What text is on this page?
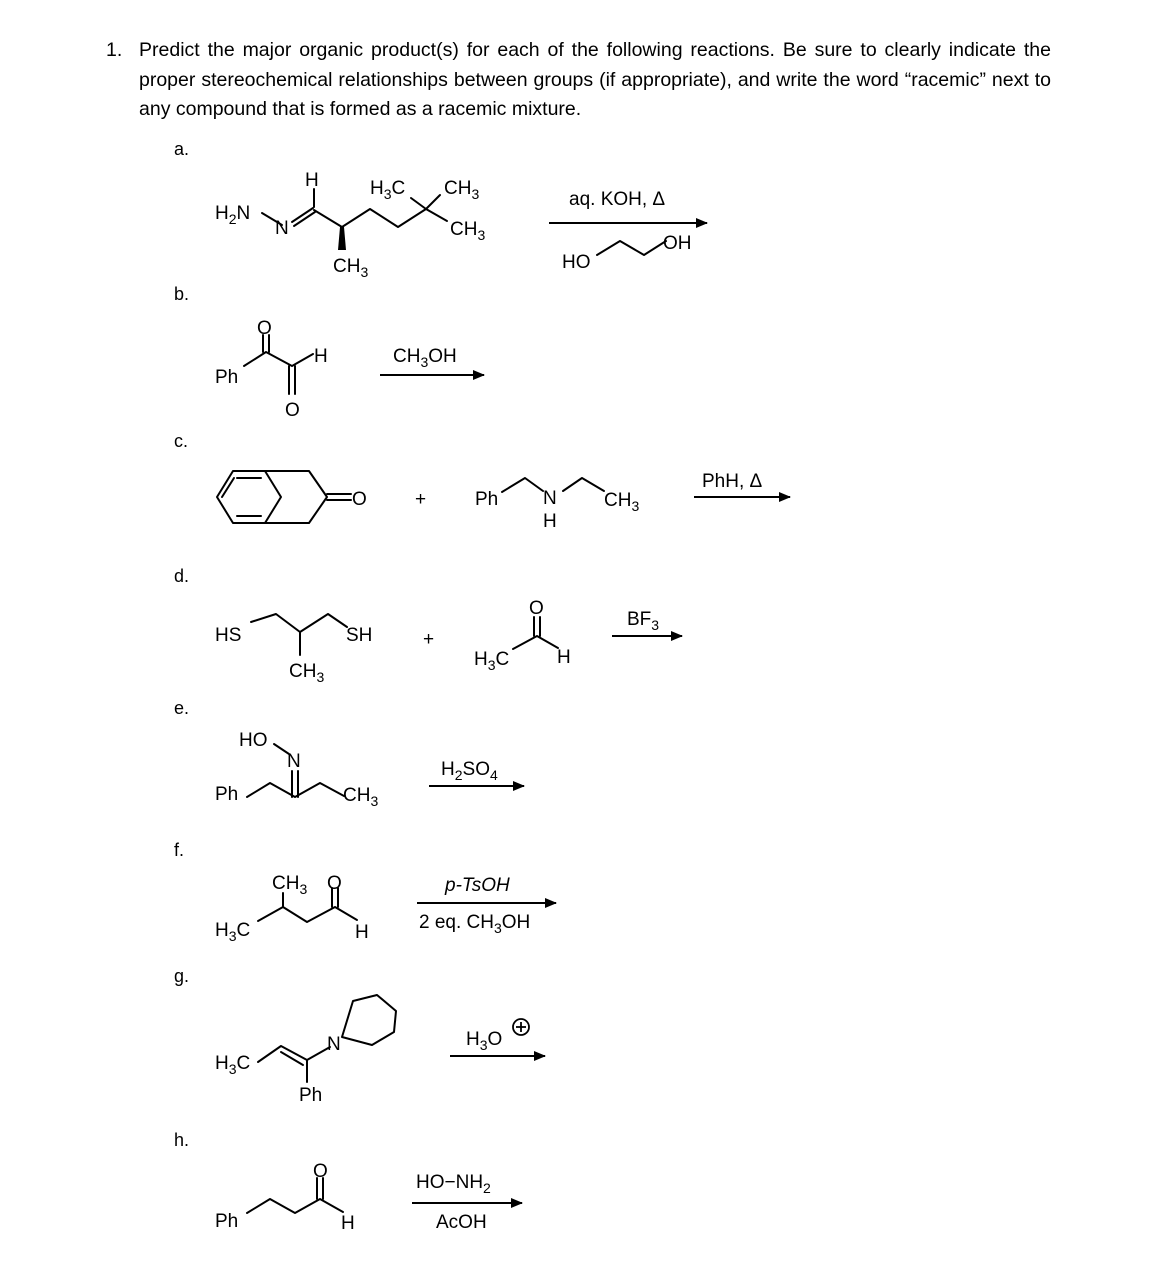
1. Predict the major organic product(s) for each of the following reactions. Be sure to clearly indicate the proper stereochemical relationships between groups (if appropriate), and write the word “racemic” next to any compound that is formed as a racemic mixture.
a.
b.
c.
d.
e.
f.
g.
h.
$H_2N$
N
H	$H_3C$ $CH_3$
$CH_3$
$CH_3$
aq. KOH, Δ
HO
OH
Ph
O
O
H	$CH_3OH$
O	+	Ph N
H
$CH_3$
PhH, Δ
HS	SH
$CH_3$
+
$H_3C$
O
H
$BF_3$
HO
N
Ph	$CH_3$
$H_2SO_4$
$CH_3$ O
$H_3C$	H
p-TsOH
2 eq. $CH_3OH$
$H_3C$
N
Ph
$H_3O$
Ph
O
H
$HO-NH_2$
AcOH
